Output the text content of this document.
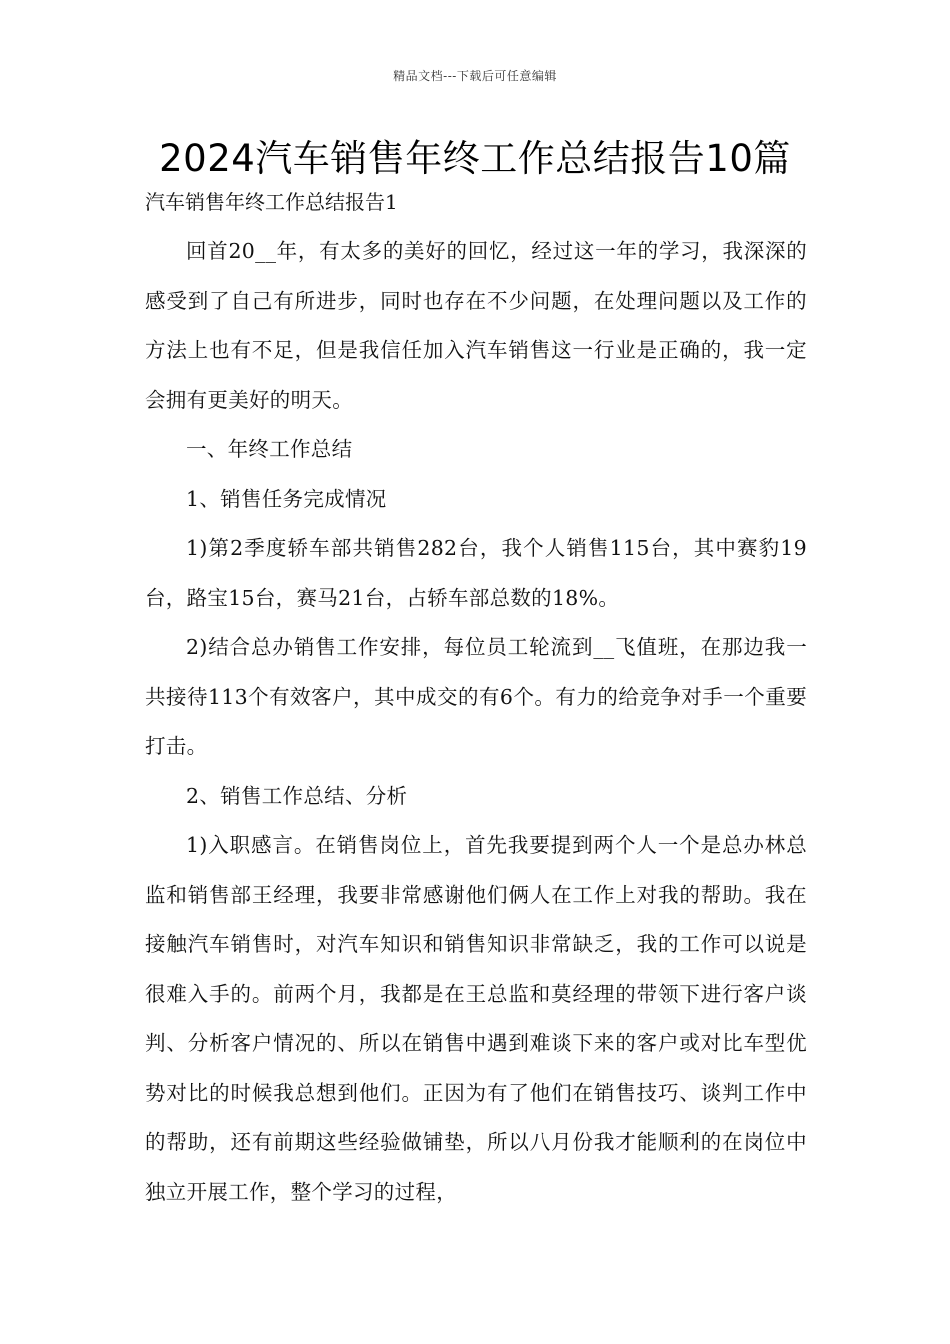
精品文档---下载后可任意编辑
2024汽车销售年终工作总结报告10篇
汽车销售年终工作总结报告1

回首20__年，有太多的美好的回忆，经过这一年的学习，我深深的感受到了自己有所进步，同时也存在不少问题，在处理问题以及工作的方法上也有不足，但是我信任加入汽车销售这一行业是正确的，我一定会拥有更美好的明天。

一、年终工作总结

1、销售任务完成情况

1)第2季度轿车部共销售282台，我个人销售115台，其中赛豹19台，路宝15台，赛马21台，占轿车部总数的18%。

2)结合总办销售工作安排，每位员工轮流到__飞值班，在那边我一共接待113个有效客户，其中成交的有6个。有力的给竞争对手一个重要打击。

2、销售工作总结、分析

1)入职感言。在销售岗位上，首先我要提到两个人一个是总办林总监和销售部王经理，我要非常感谢他们俩人在工作上对我的帮助。我在接触汽车销售时，对汽车知识和销售知识非常缺乏，我的工作可以说是很难入手的。前两个月，我都是在王总监和莫经理的带领下进行客户谈判、分析客户情况的、所以在销售中遇到难谈下来的客户或对比车型优势对比的时候我总想到他们。正因为有了他们在销售技巧、谈判工作中的帮助，还有前期这些经验做铺垫，所以八月份我才能顺利的在岗位中独立开展工作，整个学习的过程，
